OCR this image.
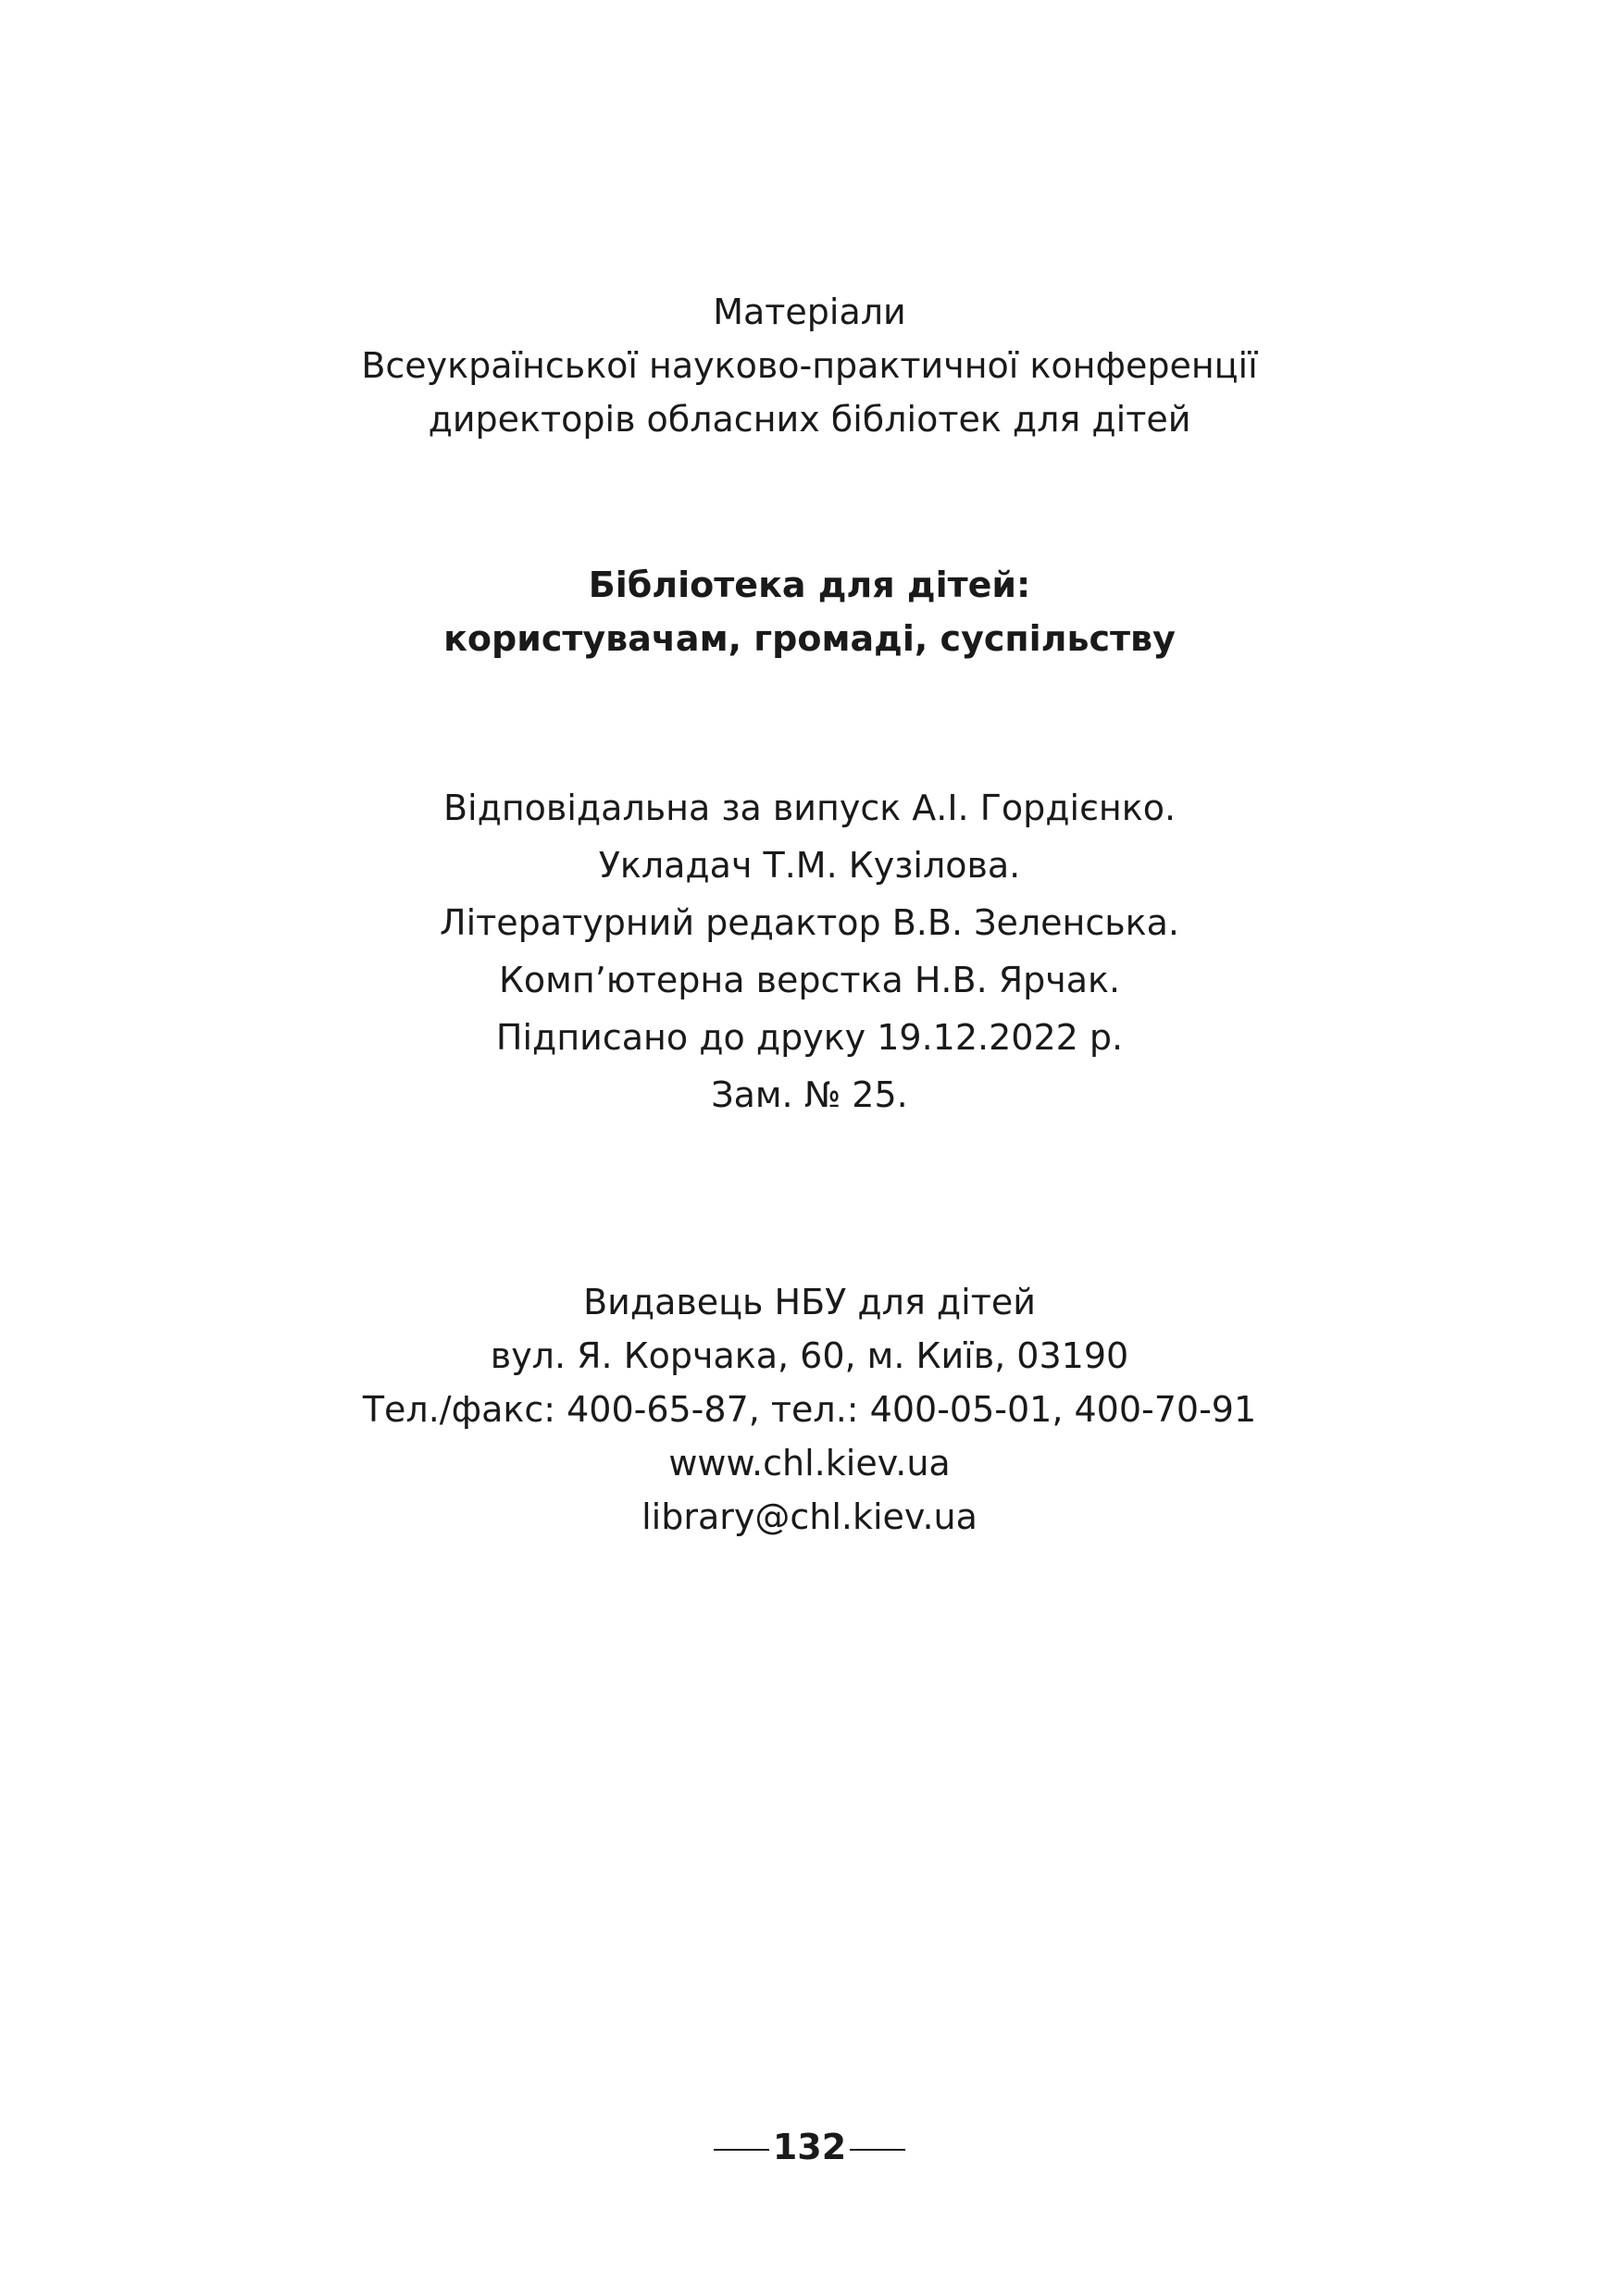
Матеріали
Всеукраїнської науково-практичної конференції
директорів обласних бібліотек для дітей
Бібліотека для дітей:
користувачам, громаді, суспільству
Відповідальна за випуск А.І. Гордієнко.
Укладач Т.М. Кузілова.
Літературний редактор В.В. Зеленська.
Комп’ютерна верстка Н.В. Ярчак.
Підписано до друку 19.12.2022 р.
Зам. № 25.
Видавець НБУ для дітей
вул. Я. Корчака, 60, м. Київ, 03190
Тел./факс: 400-65-87, тел.: 400-05-01, 400-70-91
www.chl.kiev.ua
library@chl.kiev.ua
132
